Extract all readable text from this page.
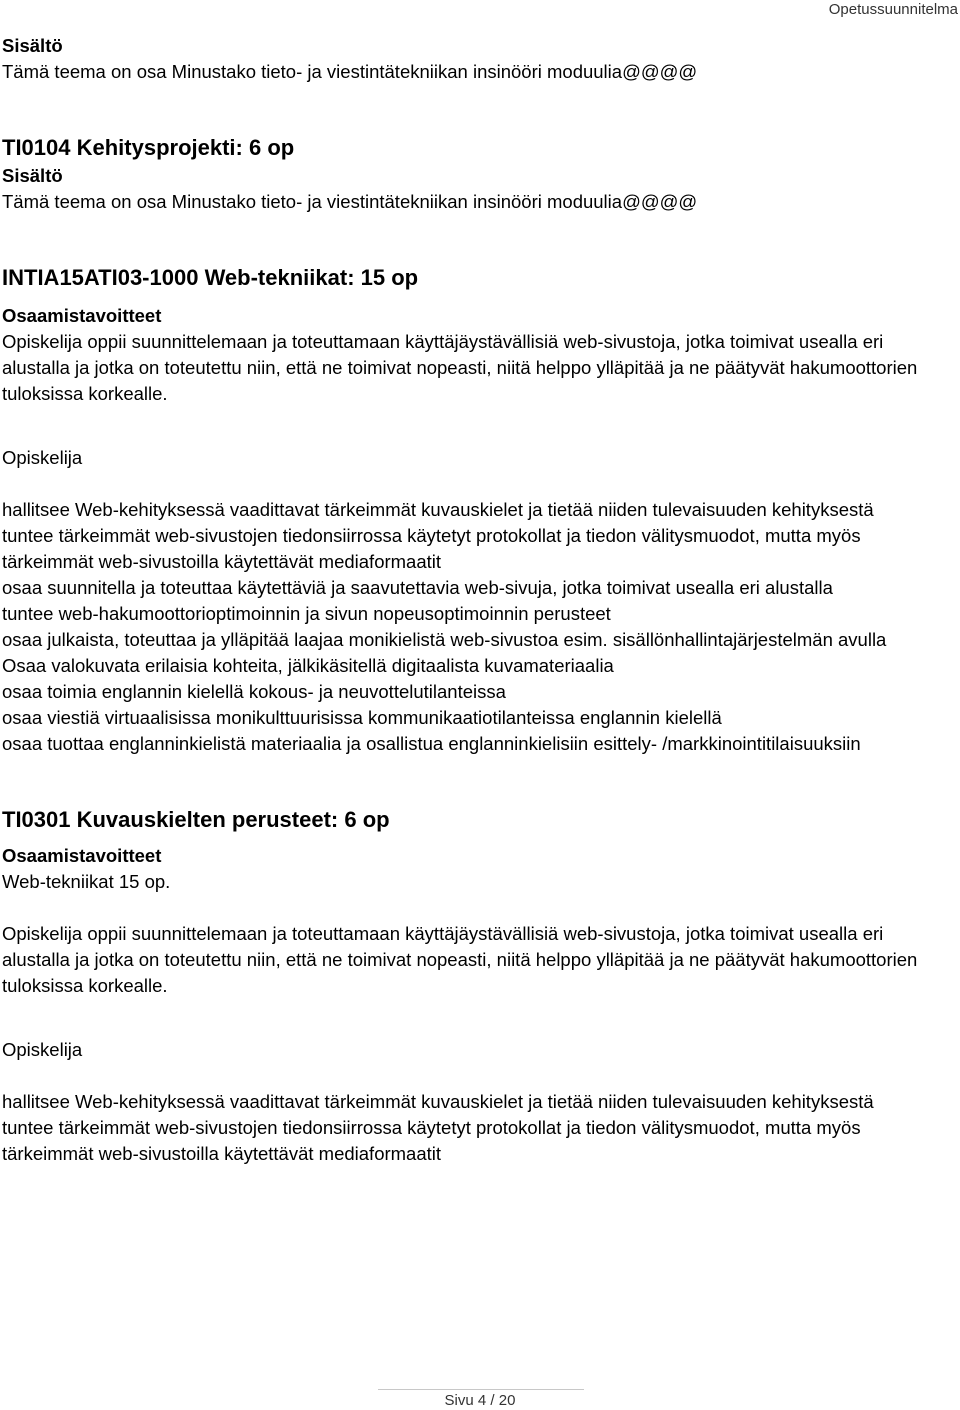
Opetussuunnitelma
Sisältö
Tämä teema on osa Minustako tieto- ja viestintätekniikan insinööri moduulia@@@@
TI0104 Kehitysprojekti: 6 op
Sisältö
Tämä teema on osa Minustako tieto- ja viestintätekniikan insinööri moduulia@@@@
INTIA15ATI03-1000 Web-tekniikat: 15 op
Osaamistavoitteet
Opiskelija oppii suunnittelemaan ja toteuttamaan käyttäjäystävällisiä web-sivustoja, jotka toimivat usealla eri alustalla ja jotka on toteutettu niin, että ne toimivat nopeasti, niitä helppo ylläpitää ja ne päätyvät hakumoottorien tuloksissa korkealle.
Opiskelija
hallitsee Web-kehityksessä vaadittavat tärkeimmät kuvauskielet ja tietää niiden tulevaisuuden kehityksestä
tuntee tärkeimmät web-sivustojen tiedonsiirrossa käytetyt protokollat ja tiedon välitysmuodot, mutta myös tärkeimmät web-sivustoilla käytettävät mediaformaatit
osaa suunnitella ja toteuttaa käytettäviä ja saavutettavia web-sivuja, jotka toimivat usealla eri alustalla
tuntee web-hakumoottorioptimoinnin ja sivun nopeusoptimoinnin perusteet
osaa julkaista, toteuttaa ja ylläpitää laajaa monikielistä web-sivustoa esim. sisällönhallintajärjestelmän avulla
Osaa valokuvata erilaisia kohteita, jälkikäsitellä digitaalista kuvamateriaalia
osaa toimia englannin kielellä kokous- ja neuvottelutilanteissa
osaa viestiä virtuaalisissa monikulttuurisissa kommunikaatiotilanteissa englannin kielellä
osaa tuottaa englanninkielistä materiaalia ja osallistua englanninkielisiin esittely- /markkinointitilaisuuksiin
TI0301 Kuvauskielten perusteet: 6 op
Osaamistavoitteet
Web-tekniikat 15 op.
Opiskelija oppii suunnittelemaan ja toteuttamaan käyttäjäystävällisiä web-sivustoja, jotka toimivat usealla eri alustalla ja jotka on toteutettu niin, että ne toimivat nopeasti, niitä helppo ylläpitää ja ne päätyvät hakumoottorien tuloksissa korkealle.
Opiskelija
hallitsee Web-kehityksessä vaadittavat tärkeimmät kuvauskielet ja tietää niiden tulevaisuuden kehityksestä
tuntee tärkeimmät web-sivustojen tiedonsiirrossa käytetyt protokollat ja tiedon välitysmuodot, mutta myös tärkeimmät web-sivustoilla käytettävät mediaformaatit
Sivu 4 / 20
